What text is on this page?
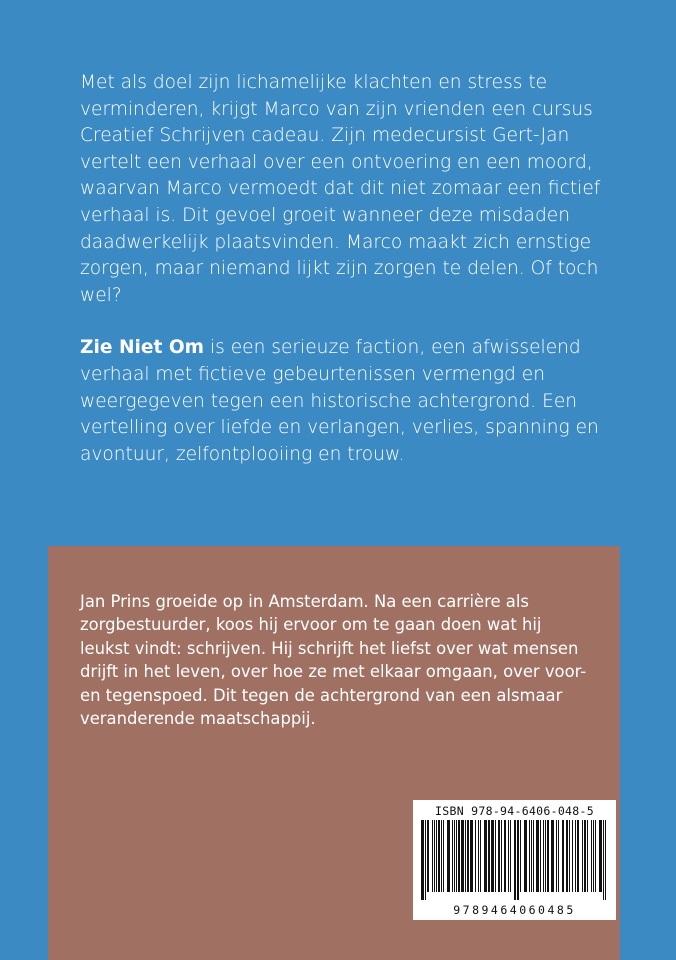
Met als doel zijn lichamelijke klachten en stress te verminderen, krijgt Marco van zijn vrienden een cursus Creatief Schrijven cadeau. Zijn medecursist Gert-Jan vertelt een verhaal over een ontvoering en een moord, waarvan Marco vermoedt dat dit niet zomaar een fictief verhaal is. Dit gevoel groeit wanneer deze misdaden daadwerkelijk plaatsvinden. Marco maakt zich ernstige zorgen, maar niemand lijkt zijn zorgen te delen. Of toch wel?

Zie Niet Om is een serieuze faction, een afwisselend verhaal met fictieve gebeurtenissen vermengd en weergegeven tegen een historische achtergrond. Een vertelling over liefde en verlangen, verlies, spanning en avontuur, zelfontplooiing en trouw.

Jan Prins groeide op in Amsterdam. Na een carrière als zorgbestuurder, koos hij ervoor om te gaan doen wat hij leukst vindt: schrijven. Hij schrijft het liefst over wat mensen drijft in het leven, over hoe ze met elkaar omgaan, over voor- en tegenspoed. Dit tegen de achtergrond van een alsmaar veranderende maatschappij.
ISBN 978-94-6406-048-5
9789464060485
